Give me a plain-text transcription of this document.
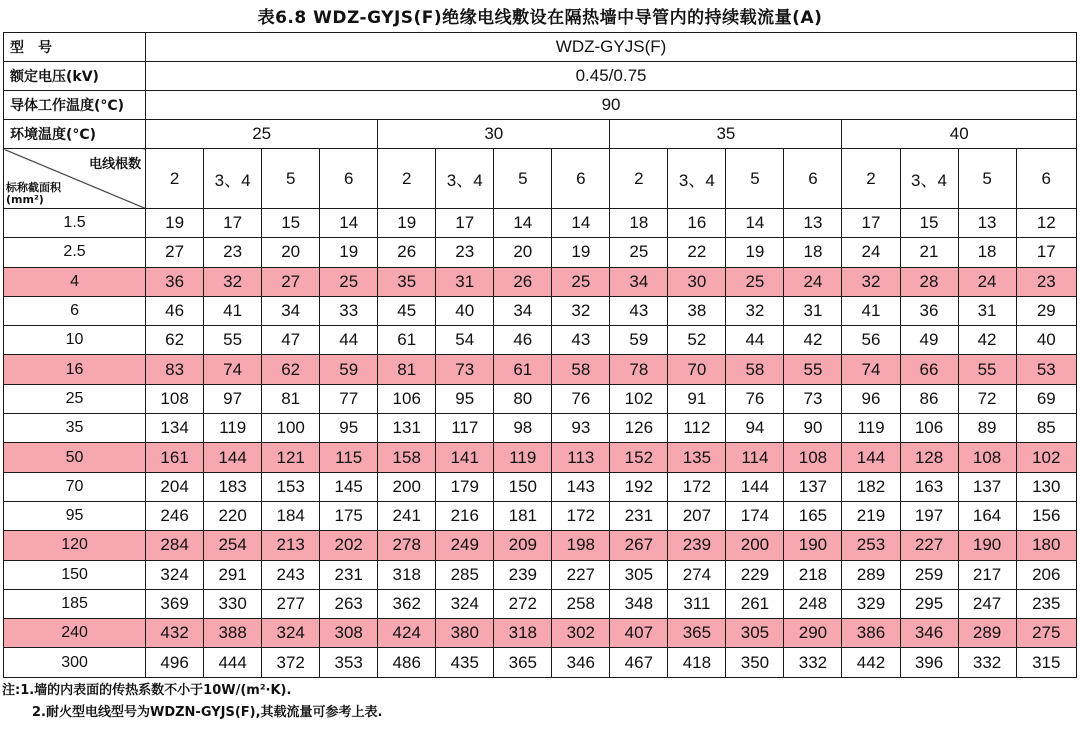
表6.8 WDZ-GYJS(F)绝缘电线敷设在隔热墙中导管内的持续载流量(A)
型　号	WDZ-GYJS(F)															
额定电压(kV)	0.45/0.75															
导体工作温度(°C)	90															
环境温度(°C)	25				30				35				40			

电线根数
标称截面积
(mm²)	2	3、4	5	6	2	3、4	5	6	2	3、4	5	6	2	3、4	5	6
1.5	19	17	15	14	19	17	14	14	18	16	14	13	17	15	13	12
2.5	27	23	20	19	26	23	20	19	25	22	19	18	24	21	18	17
4	36	32	27	25	35	31	26	25	34	30	25	24	32	28	24	23
6	46	41	34	33	45	40	34	32	43	38	32	31	41	36	31	29
10	62	55	47	44	61	54	46	43	59	52	44	42	56	49	42	40
16	83	74	62	59	81	73	61	58	78	70	58	55	74	66	55	53
25	108	97	81	77	106	95	80	76	102	91	76	73	96	86	72	69
35	134	119	100	95	131	117	98	93	126	112	94	90	119	106	89	85
50	161	144	121	115	158	141	119	113	152	135	114	108	144	128	108	102
70	204	183	153	145	200	179	150	143	192	172	144	137	182	163	137	130
95	246	220	184	175	241	216	181	172	231	207	174	165	219	197	164	156
120	284	254	213	202	278	249	209	198	267	239	200	190	253	227	190	180
150	324	291	243	231	318	285	239	227	305	274	229	218	289	259	217	206
185	369	330	277	263	362	324	272	258	348	311	261	248	329	295	247	235
240	432	388	324	308	424	380	318	302	407	365	305	290	386	346	289	275
300	496	444	372	353	486	435	365	346	467	418	350	332	442	396	332	315
注:1.墙的内表面的传热系数不小于10W/(m²·K).
2.耐火型电线型号为WDZN-GYJS(F),其载流量可参考上表.
